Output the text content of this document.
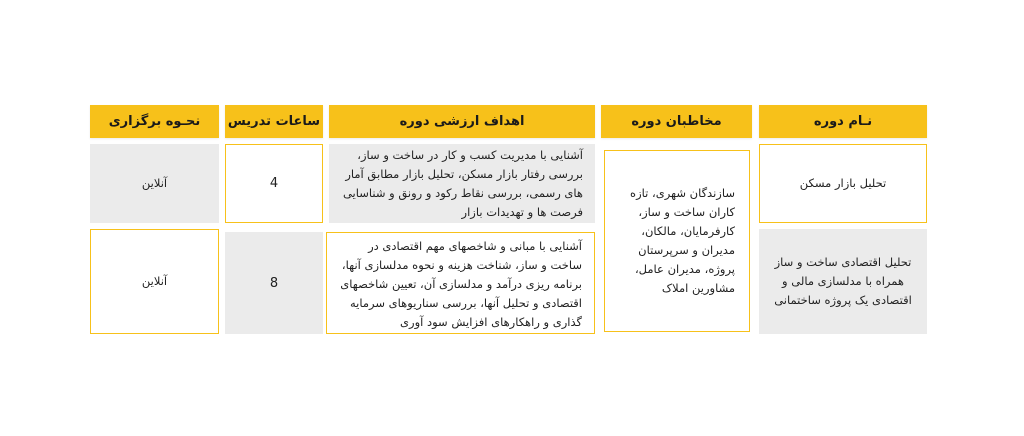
نـام دوره
مخاطبان دوره
اهداف ارزشی دوره
ساعات تدریس
نحـوه برگزاری
تحلیل بازار مسکن
آشنایی با مدیریت کسب و کار در ساخت و ساز، بررسی رفتار بازار مسکن، تحلیل بازار مطابق آمار های رسمی، بررسی نقاط رکود و رونق و شناسایی فرصت ها و تهدیدات بازار
4
آنلاین
سازندگان شهری، تازه کاران ساخت و ساز، کارفرمایان، مالکان، مدیران و سرپرستان پروژه، مدیران عامل، مشاورین املاک
تحلیل اقتصادی ساخت و ساز همراه با مدلسازی مالی و اقتصادی یک پروژه ساختمانی
آشنایی با مبانی و شاخصهای مهم اقتصادی در ساخت و ساز، شناخت هزینه و نحوه مدلسازی آنها، برنامه ریزی درآمد و مدلسازی آن، تعیین شاخصهای اقتصادی و تحلیل آنها، بررسی سناریوهای سرمایه گذاری و راهکارهای افزایش سود آوری
8
آنلاین
